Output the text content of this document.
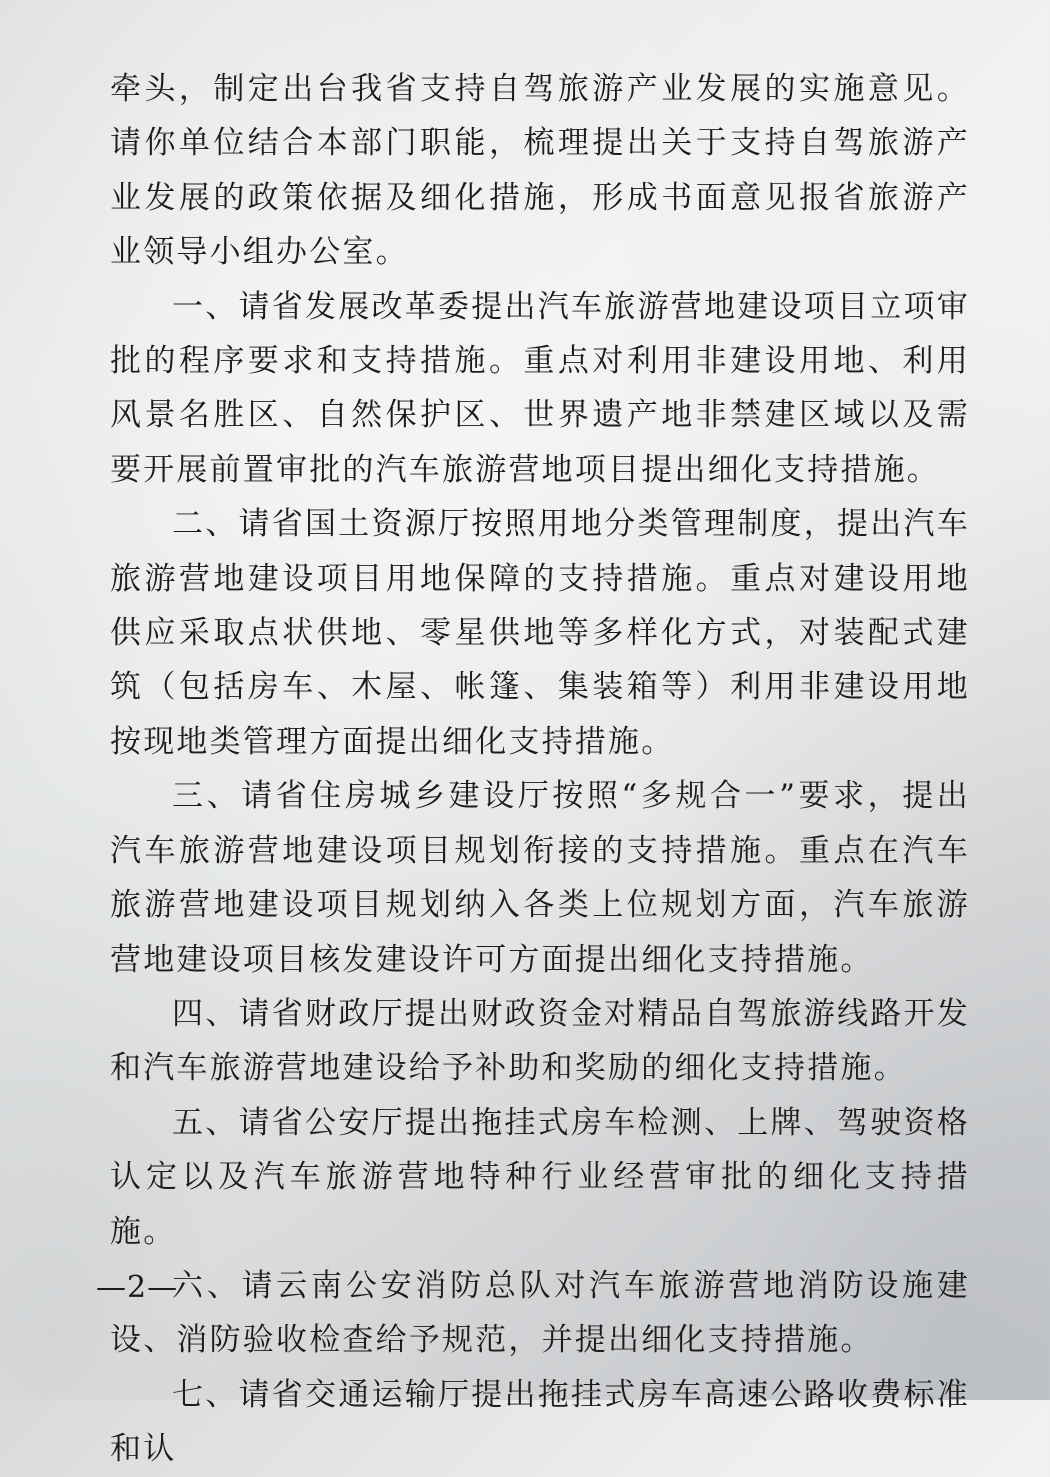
牵头，制定出台我省支持自驾旅游产业发展的实施意见。请你单位结合本部门职能，梳理提出关于支持自驾旅游产业发展的政策依据及细化措施，形成书面意见报省旅游产业领导小组办公室。

一、请省发展改革委提出汽车旅游营地建设项目立项审批的程序要求和支持措施。重点对利用非建设用地、利用风景名胜区、自然保护区、世界遗产地非禁建区域以及需要开展前置审批的汽车旅游营地项目提出细化支持措施。

二、请省国土资源厅按照用地分类管理制度，提出汽车旅游营地建设项目用地保障的支持措施。重点对建设用地供应采取点状供地、零星供地等多样化方式，对装配式建筑（包括房车、木屋、帐篷、集装箱等）利用非建设用地按现地类管理方面提出细化支持措施。

三、请省住房城乡建设厅按照“多规合一”要求，提出汽车旅游营地建设项目规划衔接的支持措施。重点在汽车旅游营地建设项目规划纳入各类上位规划方面，汽车旅游营地建设项目核发建设许可方面提出细化支持措施。

四、请省财政厅提出财政资金对精品自驾旅游线路开发和汽车旅游营地建设给予补助和奖励的细化支持措施。

五、请省公安厅提出拖挂式房车检测、上牌、驾驶资格认定以及汽车旅游营地特种行业经营审批的细化支持措施。

六、请云南公安消防总队对汽车旅游营地消防设施建设、消防验收检查给予规范，并提出细化支持措施。

七、请省交通运输厅提出拖挂式房车高速公路收费标准和认

—2—
